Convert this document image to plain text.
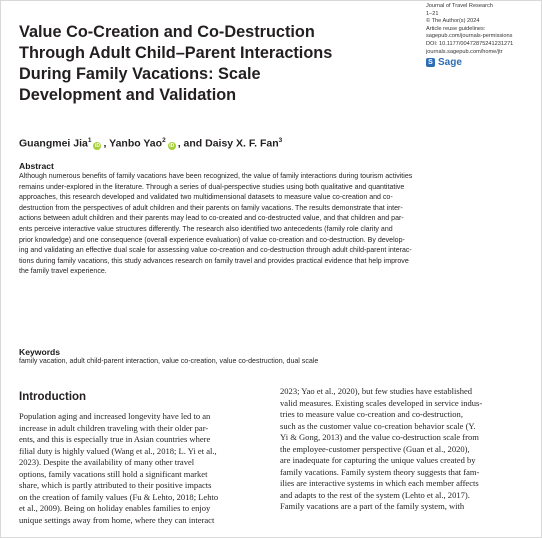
Value Co-Creation and Co-Destruction
Through Adult Child–Parent Interactions
During Family Vacations: Scale
Development and Validation
Journal of Travel Research
1–21
© The Author(s) 2024
Article reuse guidelines:
sagepub.com/journals-permissions
DOI: 10.1177/00472875241231271
journals.sagepub.com/home/jtr
S Sage
Guangmei Jia$^1$iD , Yanbo Yao$^2$iD , and Daisy X. F. Fan$^3$
Abstract

Although numerous benefits of family vacations have been recognized, the value of family interactions during tourism activities
remains under-explored in the literature. Through a series of dual-perspective studies using both qualitative and quantitative
approaches, this research developed and validated two multidimensional datasets to measure value co-creation and co-
destruction from the perspectives of adult children and their parents on family vacations. The results demonstrate that inter-
actions between adult children and their parents may lead to co-created and co-destructed value, and that children and par-
ents perceive interactive value structures differently. The research also identified two antecedents (family role clarity and
prior knowledge) and one consequence (overall experience evaluation) of value co-creation and co-destruction. By develop-
ing and validating an effective dual scale for assessing value co-creation and co-destruction through adult child-parent interac-
tions during family vacations, this study advances research on family travel and provides practical evidence that help improve
the family travel experience.

Keywords

family vacation, adult child-parent interaction, value co-creation, value co-destruction, dual scale

Introduction

Population aging and increased longevity have led to an
increase in adult children traveling with their older par-
ents, and this is especially true in Asian countries where
filial duty is highly valued (Wang et al., 2018; L. Yi et al.,
2023). Despite the availability of many other travel
options, family vacations still hold a significant market
share, which is partly attributed to their positive impacts
on the creation of family values (Fu & Lehto, 2018; Lehto
et al., 2009). Being on holiday enables families to enjoy
unique settings away from home, where they can interact

2023; Yao et al., 2020), but few studies have established
valid measures. Existing scales developed in service indus-
tries to measure value co-creation and co-destruction,
such as the customer value co-creation behavior scale (Y.
Yi & Gong, 2013) and the value co-destruction scale from
the employee-customer perspective (Guan et al., 2020),
are inadequate for capturing the unique values created by
family vacations. Family system theory suggests that fam-
ilies are interactive systems in which each member affects
and adapts to the rest of the system (Lehto et al., 2017).
Family vacations are a part of the family system, with
